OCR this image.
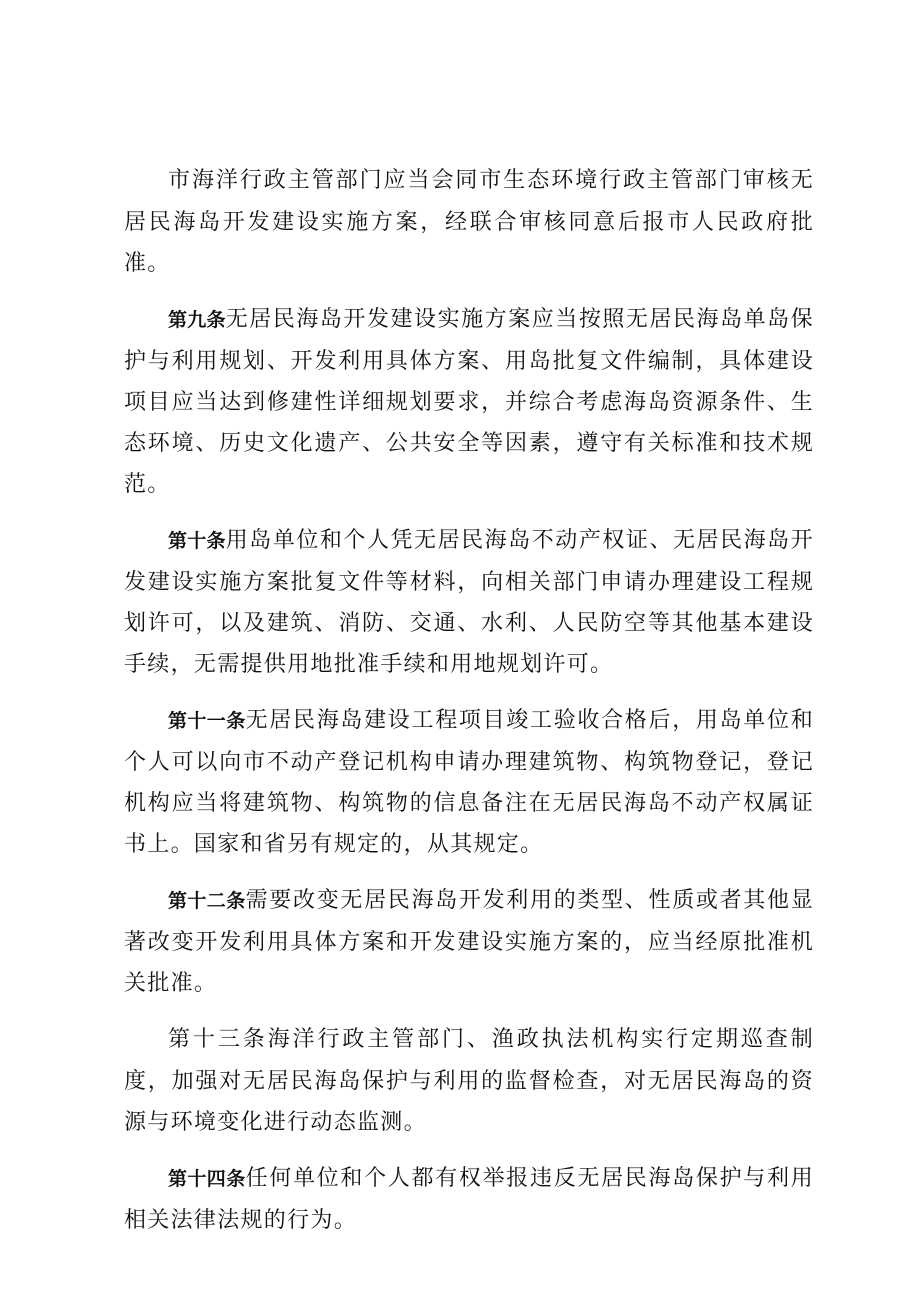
市海洋行政主管部门应当会同市生态环境行政主管部门审核无居民海岛开发建设实施方案，经联合审核同意后报市人民政府批准。

第九条无居民海岛开发建设实施方案应当按照无居民海岛单岛保护与利用规划、开发利用具体方案、用岛批复文件编制，具体建设项目应当达到修建性详细规划要求，并综合考虑海岛资源条件、生态环境、历史文化遗产、公共安全等因素，遵守有关标准和技术规范。

第十条用岛单位和个人凭无居民海岛不动产权证、无居民海岛开发建设实施方案批复文件等材料，向相关部门申请办理建设工程规划许可，以及建筑、消防、交通、水利、人民防空等其他基本建设手续，无需提供用地批准手续和用地规划许可。

第十一条无居民海岛建设工程项目竣工验收合格后，用岛单位和个人可以向市不动产登记机构申请办理建筑物、构筑物登记，登记机构应当将建筑物、构筑物的信息备注在无居民海岛不动产权属证书上。国家和省另有规定的，从其规定。

第十二条需要改变无居民海岛开发利用的类型、性质或者其他显著改变开发利用具体方案和开发建设实施方案的，应当经原批准机关批准。

第十三条海洋行政主管部门、渔政执法机构实行定期巡查制度，加强对无居民海岛保护与利用的监督检查，对无居民海岛的资源与环境变化进行动态监测。

第十四条任何单位和个人都有权举报违反无居民海岛保护与利用相关法律法规的行为。
